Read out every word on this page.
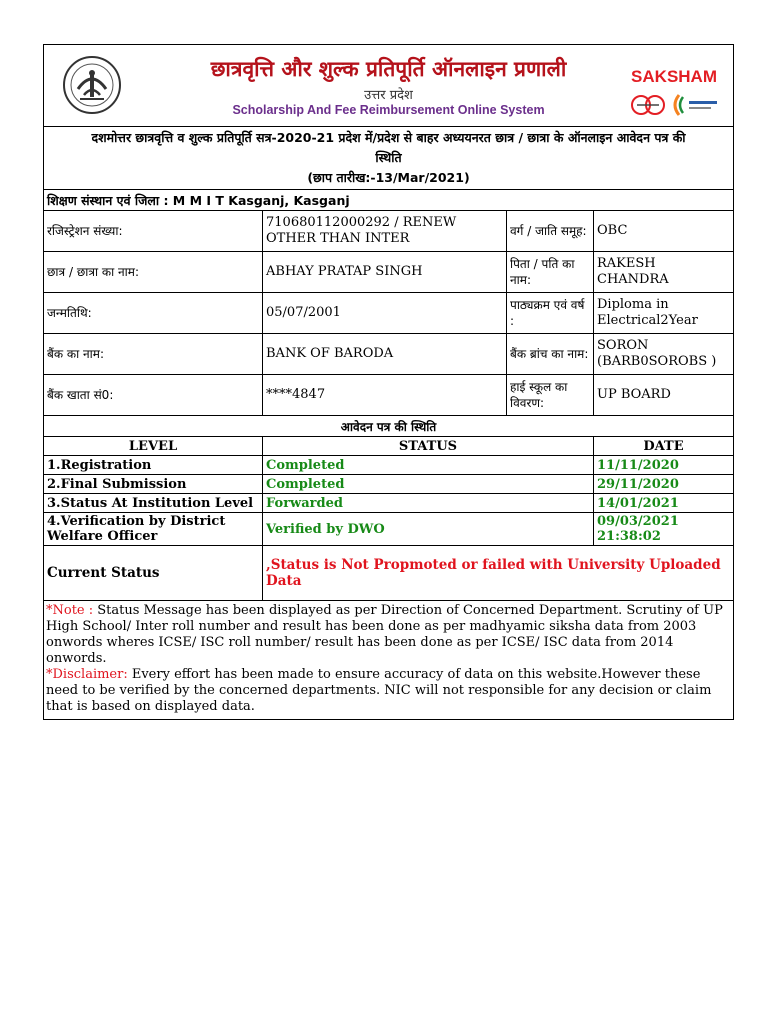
छात्रवृत्ति और शुल्क प्रतिपूर्ति ऑनलाइन प्रणाली
उत्तर प्रदेश
Scholarship And Fee Reimbursement Online System
SAKSHAM			

दशमोत्तर छात्रवृत्ति व शुल्क प्रतिपूर्ति सत्र-2020-21 प्रदेश में/प्रदेश से बाहर अध्ययनरत छात्र / छात्रा के ऑनलाइन आवेदन पत्र की
स्थिति
(छाप तारीख:-13/Mar/2021)			
शिक्षण संस्थान एवं जिला : M M I T Kasganj, Kasganj			
रजिस्ट्रेशन संख्या:	710680112000292 / RENEW OTHER THAN INTER	वर्ग / जाति समूह:	OBC
छात्र / छात्रा का नाम:	ABHAY PRATAP SINGH	पिता / पति का नाम:	RAKESH CHANDRA
जन्मतिथि:	05/07/2001	पाठ्यक्रम एवं वर्ष :	Diploma in Electrical2Year
बैंक का नाम:	BANK OF BARODA	बैंक ब्रांच का नाम:	SORON (BARB0SOROBS )
बैंक खाता सं0:	****4847	हाई स्कूल का विवरण:	UP BOARD
आवेदन पत्र की स्थिति			
LEVEL	STATUS		DATE
1.Registration	Completed		11/11/2020
2.Final Submission	Completed		29/11/2020
3.Status At Institution Level	Forwarded		14/01/2021
4.Verification by District Welfare Officer	Verified by DWO		09/03/2021 21:38:02
Current Status	,Status is Not Propmoted or failed with University Uploaded Data		
*Note : Status Message has been displayed as per Direction of Concerned Department. Scrutiny of UP High School/ Inter roll number and result has been done as per madhyamic siksha data from 2003 onwords wheres ICSE/ ISC roll number/ result has been done as per ICSE/ ISC data from 2014 onwords.
*Disclaimer: Every effort has been made to ensure accuracy of data on this website.However these need to be verified by the concerned departments. NIC will not responsible for any decision or claim that is based on displayed data.			
